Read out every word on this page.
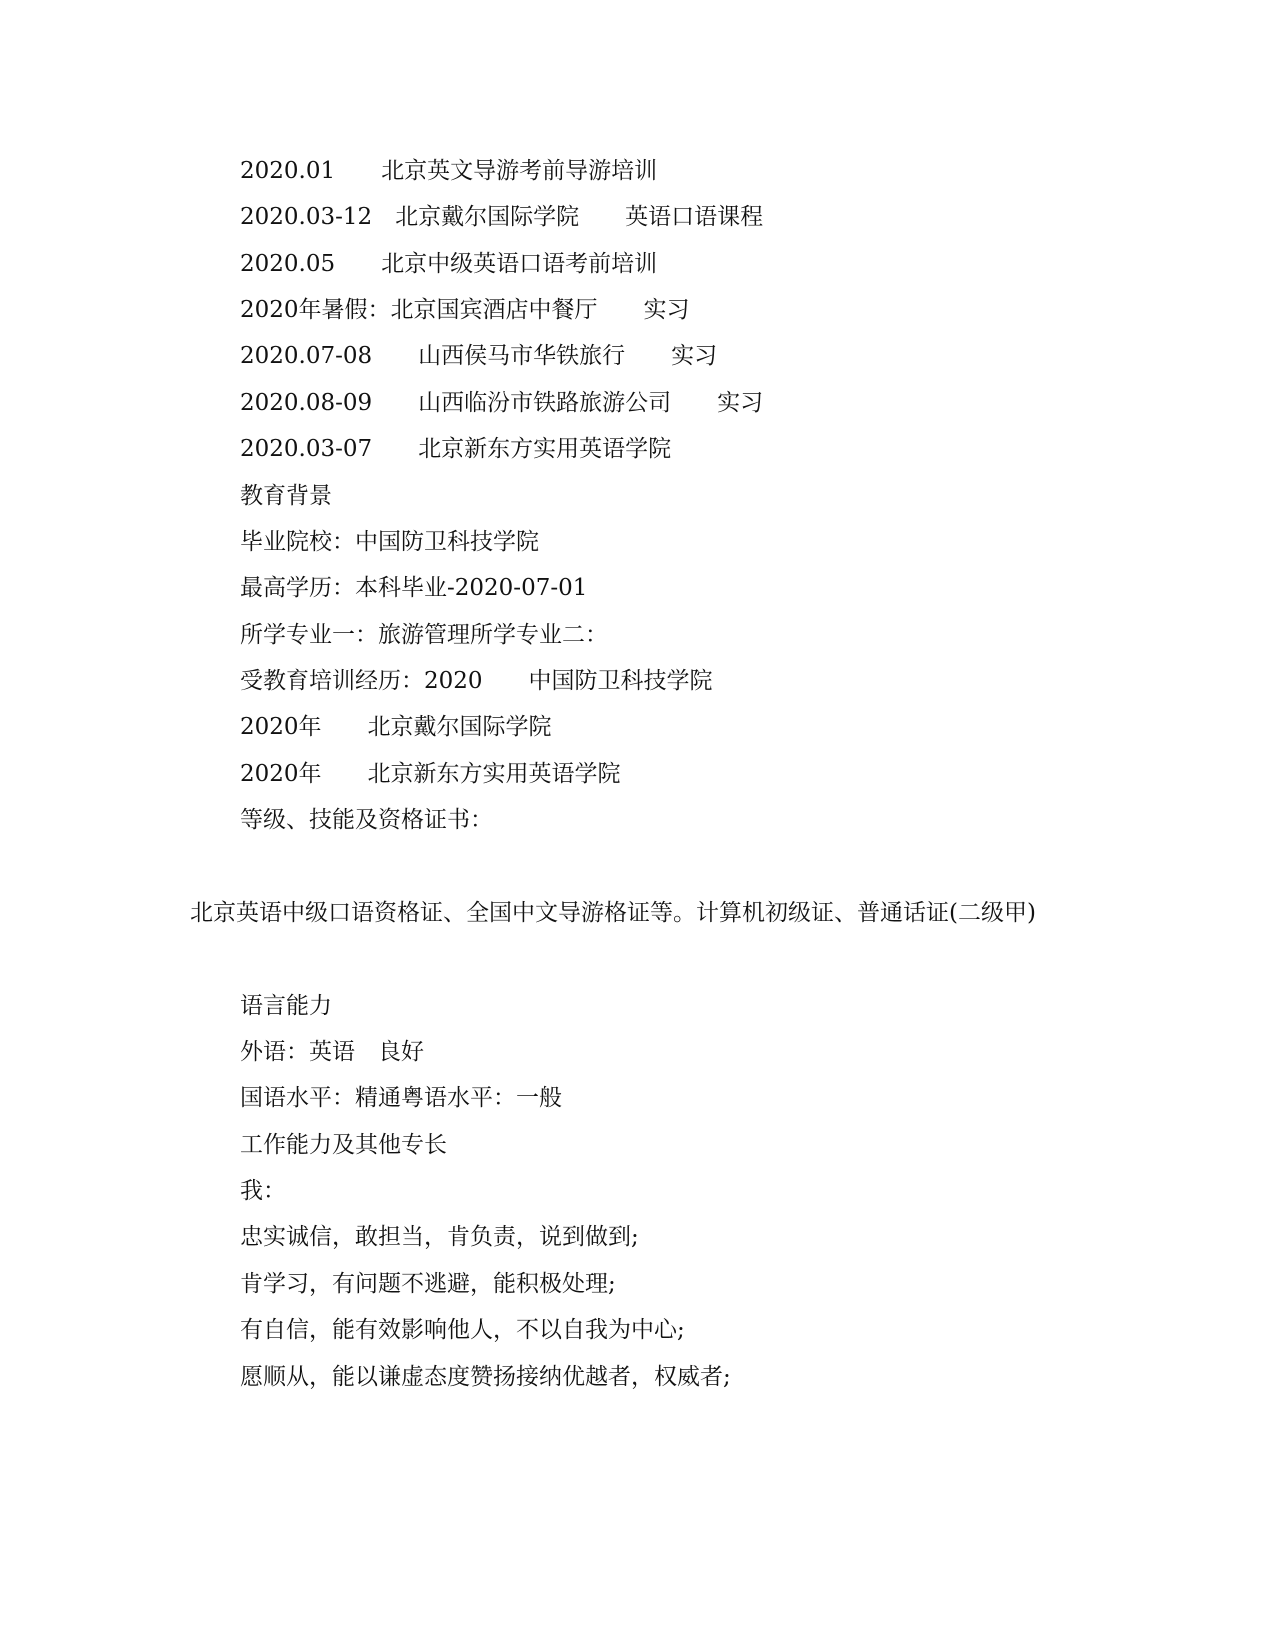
2020.01　　北京英文导游考前导游培训
2020.03-12　北京戴尔国际学院　　英语口语课程
2020.05　　北京中级英语口语考前培训
2020年暑假：北京国宾酒店中餐厅　　实习
2020.07-08　　山西侯马市华铁旅行　　实习
2020.08-09　　山西临汾市铁路旅游公司　　实习
2020.03-07　　北京新东方实用英语学院
教育背景
毕业院校：中国防卫科技学院
最高学历：本科毕业-2020-07-01
所学专业一：旅游管理所学专业二：
受教育培训经历：2020　　中国防卫科技学院
2020年　　北京戴尔国际学院
2020年　　北京新东方实用英语学院
等级、技能及资格证书：
北京英语中级口语资格证、全国中文导游格证等。计算机初级证、普通话证(二级甲)
语言能力
外语：英语　良好
国语水平：精通粤语水平：一般
工作能力及其他专长
我：
忠实诚信，敢担当，肯负责，说到做到;
肯学习，有问题不逃避，能积极处理;
有自信，能有效影响他人，不以自我为中心;
愿顺从，能以谦虚态度赞扬接纳优越者，权威者;
